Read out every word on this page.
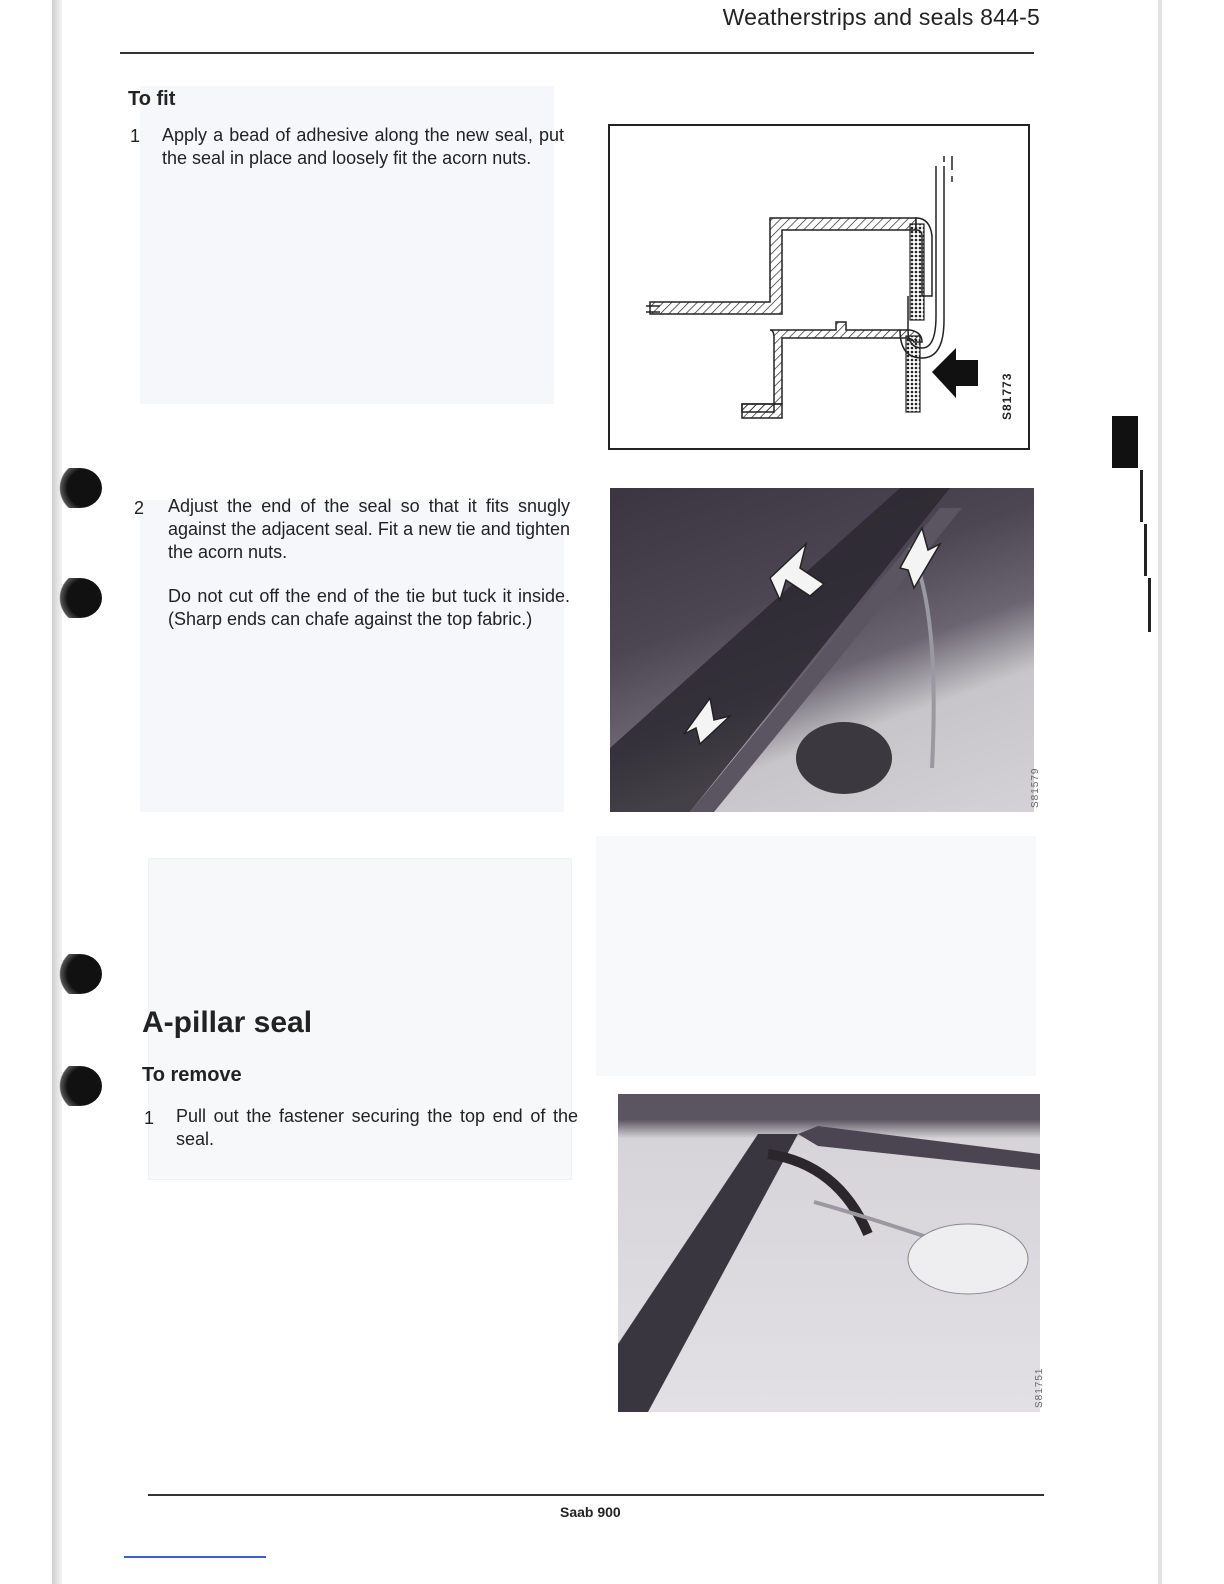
Weatherstrips and seals 844-5
To fit
1 Apply a bead of adhesive along the new seal, put the seal in place and loosely fit the acorn nuts.
2 Adjust the end of the seal so that it fits snugly against the adjacent seal. Fit a new tie and tighten the acorn nuts.
Do not cut off the end of the tie but tuck it inside. (Sharp ends can chafe against the top fabric.)
A-pillar seal
To remove
1 Pull out the fastener securing the top end of the seal.
S81773
S81579
S81751
Saab 900
